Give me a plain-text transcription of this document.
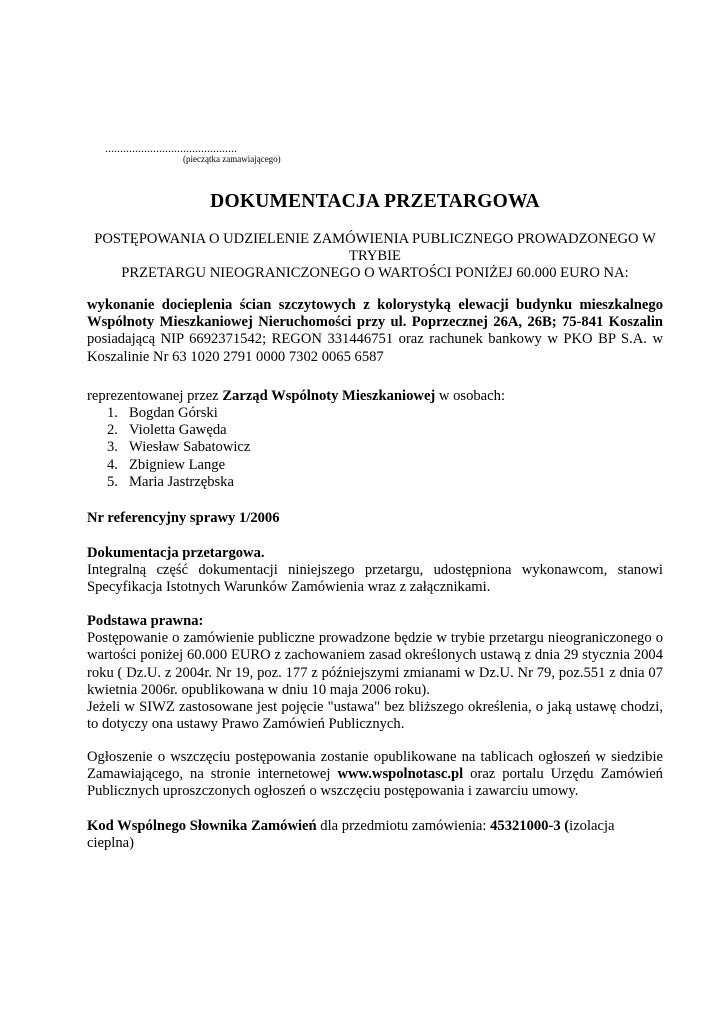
............................................
(pieczątka zamawiającego)
DOKUMENTACJA PRZETARGOWA
POSTĘPOWANIA O UDZIELENIE ZAMÓWIENIA PUBLICZNEGO PROWADZONEGO W
TRYBIE
PRZETARGU NIEOGRANICZONEGO O WARTOŚCI PONIŻEJ 60.000 EURO NA:
wykonanie docieplenia ścian szczytowych z kolorystyką elewacji budynku mieszkalnego
Wspólnoty Mieszkaniowej Nieruchomości przy ul. Poprzecznej 26A, 26B; 75-841 Koszalin
posiadającą NIP 6692371542; REGON 331446751 oraz rachunek bankowy w PKO BP S.A. w
Koszalinie Nr 63 1020 2791 0000 7302 0065 6587
reprezentowanej przez Zarząd Wspólnoty Mieszkaniowej w osobach:
1. Bogdan Górski
2. Violetta Gawęda
3. Wiesław Sabatowicz
4. Zbigniew Lange
5. Maria Jastrzębska
Nr referencyjny sprawy 1/2006
Dokumentacja przetargowa.
Integralną część dokumentacji niniejszego przetargu, udostępniona wykonawcom, stanowi
Specyfikacja Istotnych Warunków Zamówienia wraz z załącznikami.
Podstawa prawna:
Postępowanie o zamówienie publiczne prowadzone będzie w trybie przetargu nieograniczonego o
wartości poniżej 60.000 EURO z zachowaniem zasad określonych ustawą z dnia 29 stycznia 2004
roku ( Dz.U. z 2004r. Nr 19, poz. 177 z późniejszymi zmianami w Dz.U. Nr 79, poz.551 z dnia 07
kwietnia 2006r. opublikowana w dniu 10 maja 2006 roku).
Jeżeli w SIWZ zastosowane jest pojęcie "ustawa" bez bliższego określenia, o jaką ustawę chodzi,
to dotyczy ona ustawy Prawo Zamówień Publicznych.
Ogłoszenie o wszczęciu postępowania zostanie opublikowane na tablicach ogłoszeń w siedzibie
Zamawiającego, na stronie internetowej www.wspolnotasc.pl oraz portalu Urzędu Zamówień
Publicznych uproszczonych ogłoszeń o wszczęciu postępowania i zawarciu umowy.
Kod Wspólnego Słownika Zamówień dla przedmiotu zamówienia: 45321000-3 (izolacja
cieplna)
